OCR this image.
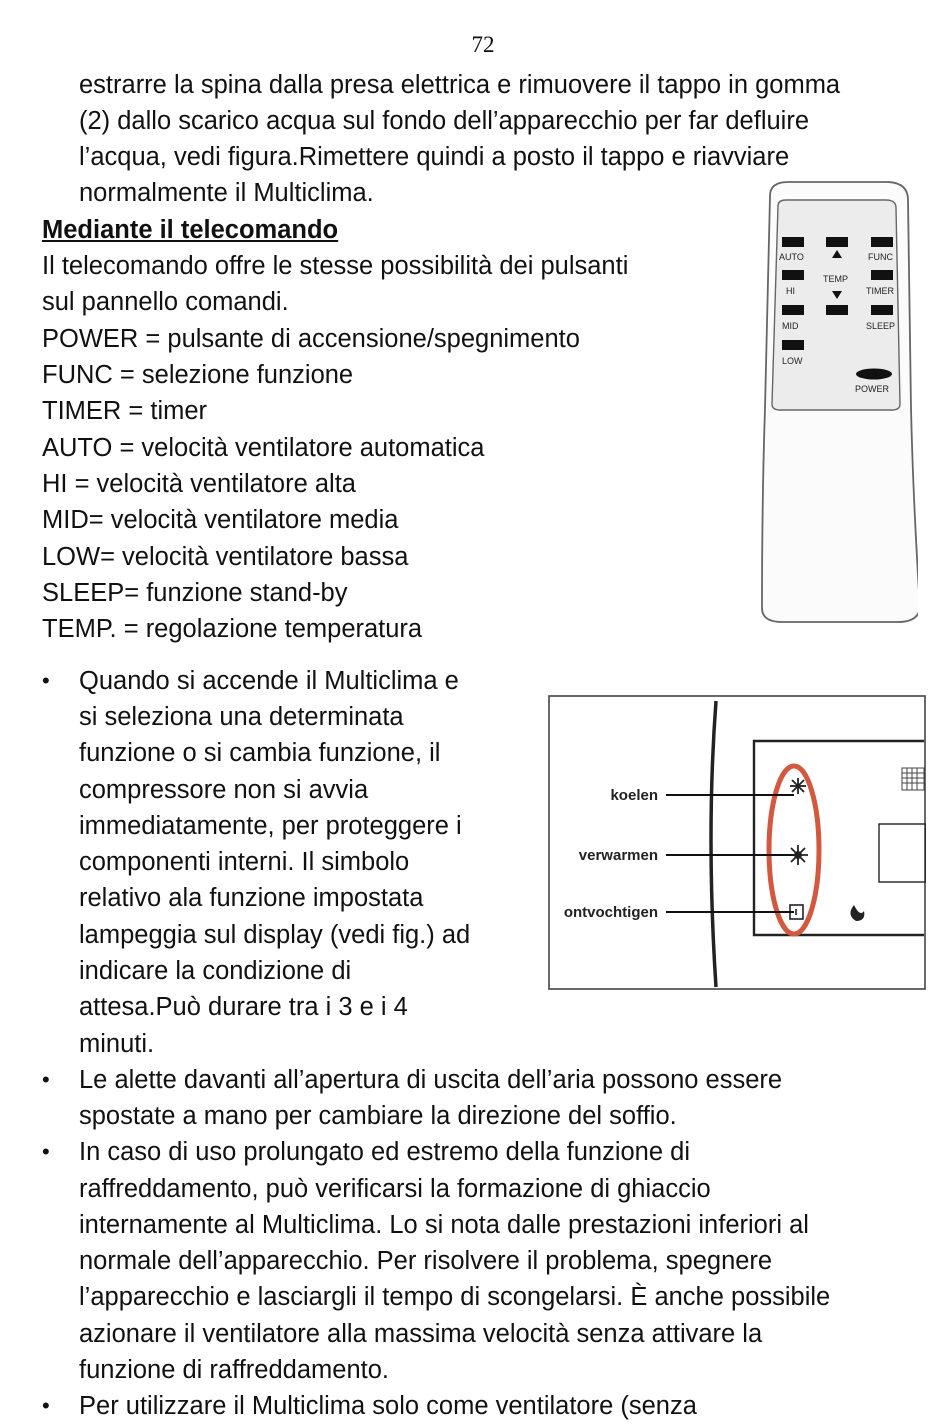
72
estrarre la spina dalla presa elettrica e rimuovere il tappo in gomma
(2) dallo scarico acqua sul fondo dell’apparecchio per far defluire
l’acqua, vedi figura.Rimettere quindi a posto il tappo e riavviare
normalmente il Multiclima.
Mediante il telecomando
Il telecomando offre le stesse possibilità dei pulsanti
sul pannello comandi.
POWER = pulsante di accensione/spegnimento
FUNC = selezione funzione
TIMER = timer
AUTO = velocità ventilatore automatica
HI = velocità ventilatore alta
MID= velocità ventilatore media
LOW= velocità ventilatore bassa
SLEEP= funzione stand-by
TEMP. = regolazione temperatura
AUTO
TEMP
FUNC
HI	TIMER
MID	SLEEP
LOW
POWER
koelen
verwarmen
ontvochtigen
• Quando si accende il Multiclima e
si seleziona una determinata
funzione o si cambia funzione, il
compressore non si avvia
immediatamente, per proteggere i
componenti interni. Il simbolo
relativo ala funzione impostata
lampeggia sul display (vedi fig.) ad
indicare la condizione di
attesa.Può durare tra i 3 e i 4
minuti.
• Le alette davanti all’apertura di uscita dell’aria possono essere
spostate a mano per cambiare la direzione del soffio.
• In caso di uso prolungato ed estremo della funzione di
raffreddamento, può verificarsi la formazione di ghiaccio
internamente al Multiclima. Lo si nota dalle prestazioni inferiori al
normale dell’apparecchio. Per risolvere il problema, spegnere
l’apparecchio e lasciargli il tempo di scongelarsi. È anche possibile
azionare il ventilatore alla massima velocità senza attivare la
funzione di raffreddamento.
• Per utilizzare il Multiclima solo come ventilatore (senza
